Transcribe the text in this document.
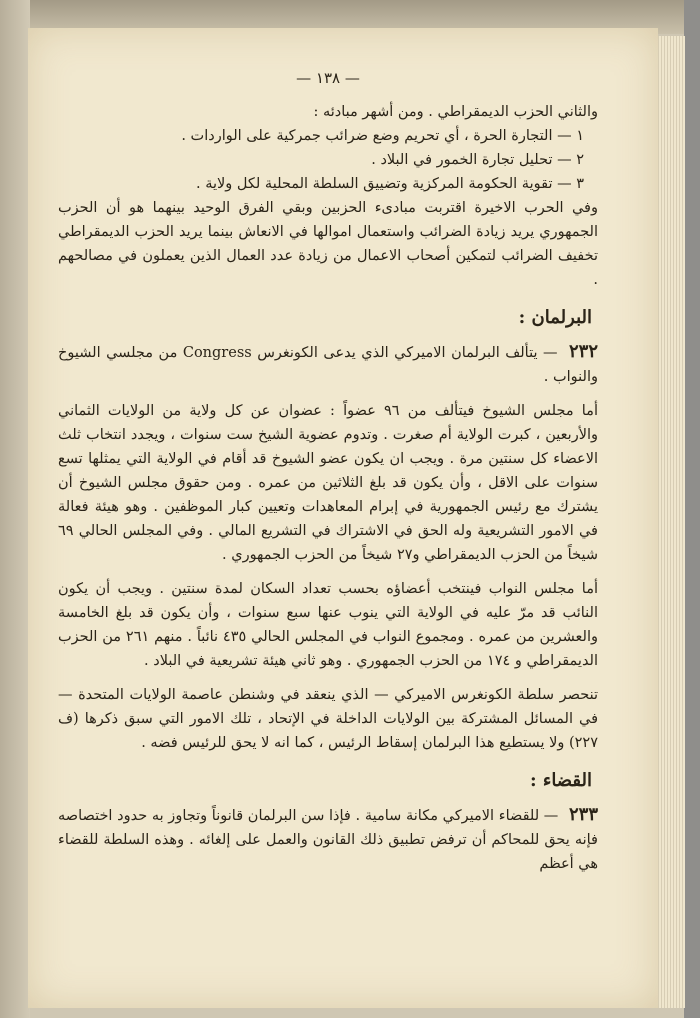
— ١٣٨ —

والثاني الحزب الديمقراطي . ومن أشهر مبادئه :

١ — التجارة الحرة ، أي تحريم وضع ضرائب جمركية على الواردات .

٢ — تحليل تجارة الخمور في البلاد .

٣ — تقوية الحكومة المركزية وتضييق السلطة المحلية لكل ولاية .

وفي الحرب الاخيرة اقتربت مبادىء الحزبين وبقي الفرق الوحيد بينهما هو أن الحزب الجمهوري يريد زيادة الضرائب واستعمال اموالها في الانعاش بينما يريد الحزب الديمقراطي تخفيف الضرائب لتمكين أصحاب الاعمال من زيادة عدد العمال الذين يعملون في مصالحهم .

البرلمان :

٢٣٢ — يتألف البرلمان الاميركي الذي يدعى الكونغرس Congress من مجلسي الشيوخ والنواب .

أما مجلس الشيوخ فيتألف من ٩٦ عضواً : عضوان عن كل ولاية من الولايات الثماني والأربعين ، كبرت الولاية أم صغرت . وتدوم عضوية الشيخ ست سنوات ، ويجدد انتخاب ثلث الاعضاء كل سنتين مرة . ويجب ان يكون عضو الشيوخ قد أقام في الولاية التي يمثلها تسع سنوات على الاقل ، وأن يكون قد بلغ الثلاثين من عمره . ومن حقوق مجلس الشيوخ أن يشترك مع رئيس الجمهورية في إبرام المعاهدات وتعيين كبار الموظفين . وهو هيئة فعالة في الامور التشريعية وله الحق في الاشتراك في التشريع المالي . وفي المجلس الحالي ٦٩ شيخاً من الحزب الديمقراطي و٢٧ شيخاً من الحزب الجمهوري .

أما مجلس النواب فينتخب أعضاؤه بحسب تعداد السكان لمدة سنتين . ويجب أن يكون النائب قد مرّ عليه في الولاية التي ينوب عنها سبع سنوات ، وأن يكون قد بلغ الخامسة والعشرين من عمره . ومجموع النواب في المجلس الحالي ٤٣٥ نائباً . منهم ٢٦١ من الحزب الديمقراطي و ١٧٤ من الحزب الجمهوري . وهو ثاني هيئة تشريعية في البلاد .

تنحصر سلطة الكونغرس الاميركي — الذي ينعقد في وشنطن عاصمة الولايات المتحدة — في المسائل المشتركة بين الولايات الداخلة في الإتحاد ، تلك الامور التي سبق ذكرها (ف ٢٢٧) ولا يستطيع هذا البرلمان إسقاط الرئيس ، كما انه لا يحق للرئيس فضه .

القضاء :

٢٣٣ — للقضاء الاميركي مكانة سامية . فإذا سن البرلمان قانوناً وتجاوز به حدود اختصاصه فإنه يحق للمحاكم أن ترفض تطبيق ذلك القانون والعمل على إلغائه . وهذه السلطة للقضاء هي أعظم
